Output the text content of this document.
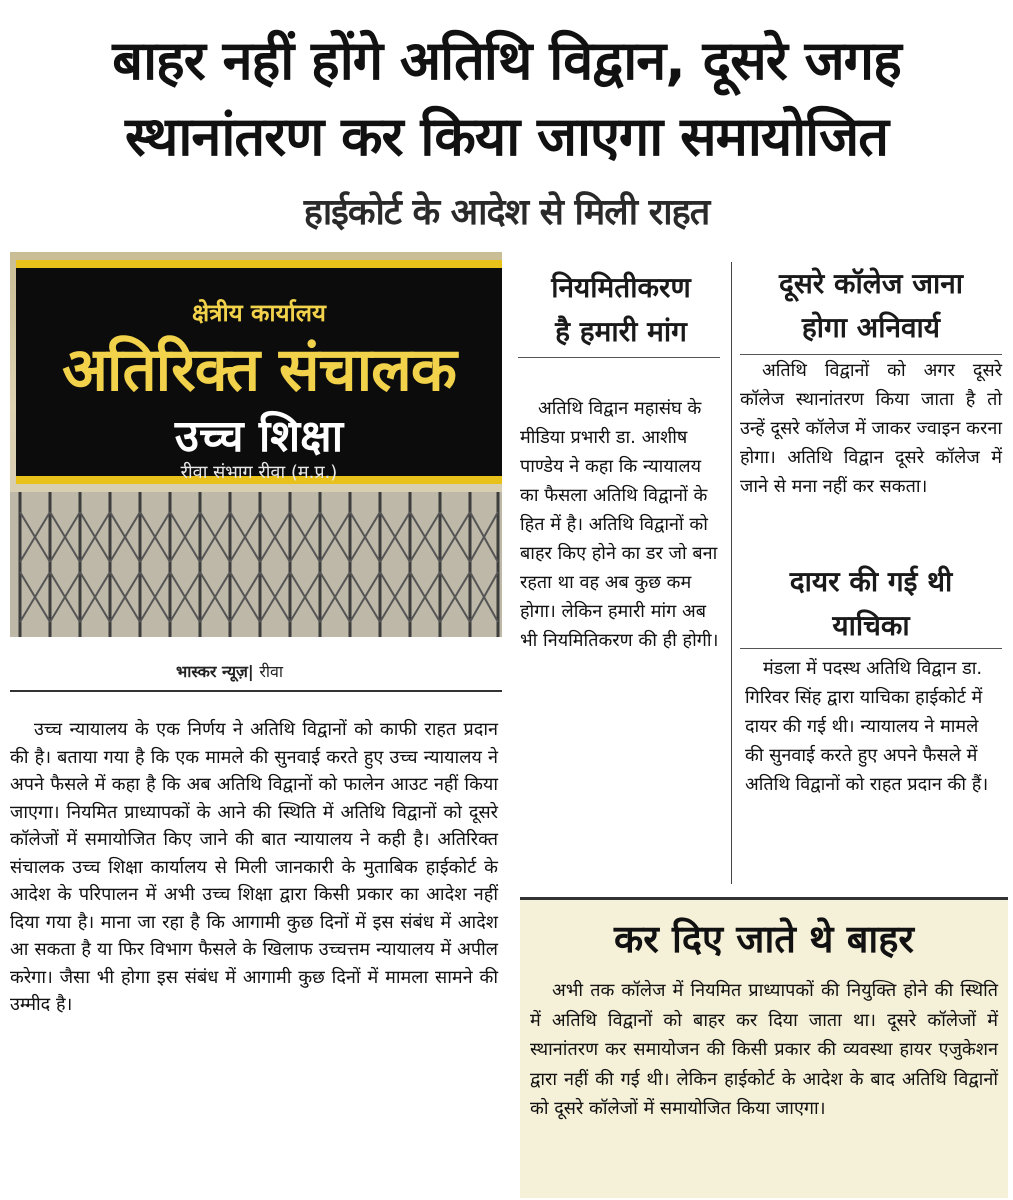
बाहर नहीं होंगे अतिथि विद्वान, दूसरे जगह
स्थानांतरण कर किया जाएगा समायोजित
हाईकोर्ट के आदेश से मिली राहत
क्षेत्रीय कार्यालय
अतिरिक्त संचालक
उच्च शिक्षा
रीवा संभाग रीवा (म.प्र.)
भास्कर न्यूज़| रीवा
उच्च न्यायालय के एक निर्णय ने अतिथि विद्वानों को काफी राहत प्रदान की है। बताया गया है कि एक मामले की सुनवाई करते हुए उच्च न्यायालय ने अपने फैसले में कहा है कि अब अतिथि विद्वानों को फालेन आउट नहीं किया जाएगा। नियमित प्राध्यापकों के आने की स्थिति में अतिथि विद्वानों को दूसरे कॉलेजों में समायोजित किए जाने की बात न्यायालय ने कही है। अतिरिक्त संचालक उच्च शिक्षा कार्यालय से मिली जानकारी के मुताबिक हाईकोर्ट के आदेश के परिपालन में अभी उच्च शिक्षा द्वारा किसी प्रकार का आदेश नहीं दिया गया है। माना जा रहा है कि आगामी कुछ दिनों में इस संबंध में आदेश आ सकता है या फिर विभाग फैसले के खिलाफ उच्चत्तम न्यायालय में अपील करेगा। जैसा भी होगा इस संबंध में आगामी कुछ दिनों में मामला सामने की उम्मीद है।
नियमितीकरण
है हमारी मांग
अतिथि विद्वान महासंघ के मीडिया प्रभारी डा. आशीष पाण्डेय ने कहा कि न्यायालय का फैसला अतिथि विद्वानों के हित में है। अतिथि विद्वानों को बाहर किए होने का डर जो बना रहता था वह अब कुछ कम होगा। लेकिन हमारी मांग अब भी नियमितिकरण की ही होगी।
दूसरे कॉलेज जाना
होगा अनिवार्य
अतिथि विद्वानों को अगर दूसरे कॉलेज स्थानांतरण किया जाता है तो उन्हें दूसरे कॉलेज में जाकर ज्वाइन करना होगा। अतिथि विद्वान दूसरे कॉलेज में जाने से मना नहीं कर सकता।
दायर की गई थी
याचिका
मंडला में पदस्थ अतिथि विद्वान डा. गिरिवर सिंह द्वारा याचिका हाईकोर्ट में दायर की गई थी। न्यायालय ने मामले की सुनवाई करते हुए अपने फैसले में अतिथि विद्वानों को राहत प्रदान की हैं।
कर दिए जाते थे बाहर
अभी तक कॉलेज में नियमित प्राध्यापकों की नियुक्ति होने की स्थिति में अतिथि विद्वानों को बाहर कर दिया जाता था। दूसरे कॉलेजों में स्थानांतरण कर समायोजन की किसी प्रकार की व्यवस्था हायर एजुकेशन द्वारा नहीं की गई थी। लेकिन हाईकोर्ट के आदेश के बाद अतिथि विद्वानों को दूसरे कॉलेजों में समायोजित किया जाएगा।
